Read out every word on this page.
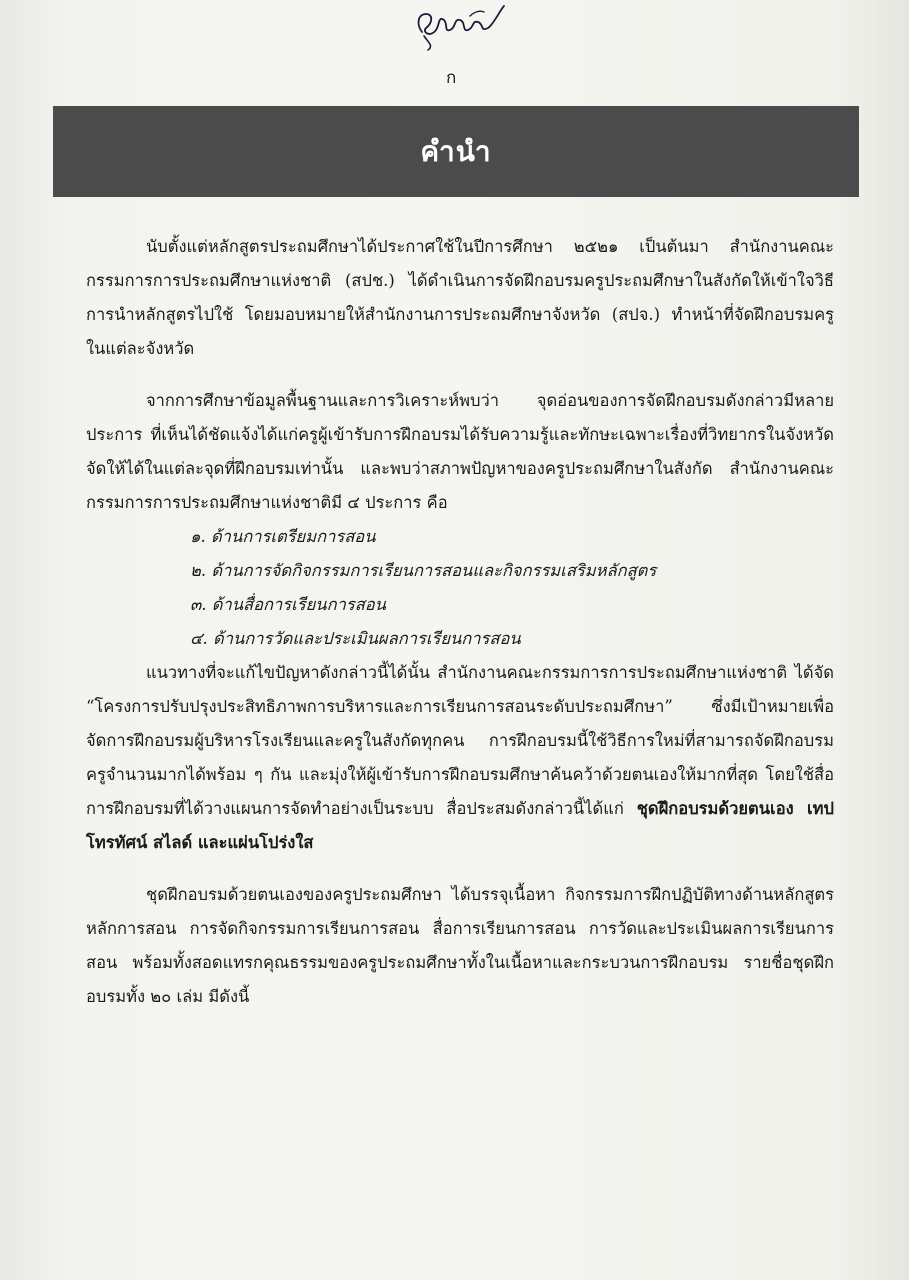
ก
คำนำ

นับตั้งแต่หลักสูตรประถมศึกษาได้ประกาศใช้ในปีการศึกษา ๒๕๒๑ เป็นต้นมา สำนักงานคณะกรรมการการประถมศึกษาแห่งชาติ (สปช.) ได้ดำเนินการจัดฝึกอบรมครูประถมศึกษาในสังกัดให้เข้าใจวิธีการนำหลักสูตรไปใช้ โดยมอบหมายให้สำนักงานการประถมศึกษาจังหวัด (สปจ.) ทำหน้าที่จัดฝึกอบรมครูในแต่ละจังหวัด

จากการศึกษาข้อมูลพื้นฐานและการวิเคราะห์พบว่า จุดอ่อนของการจัดฝึกอบรมดังกล่าวมีหลายประการ ที่เห็นได้ชัดแจ้งได้แก่ครูผู้เข้ารับการฝึกอบรมได้รับความรู้และทักษะเฉพาะเรื่องที่วิทยากรในจังหวัดจัดให้ได้ในแต่ละจุดที่ฝึกอบรมเท่านั้น และพบว่าสภาพปัญหาของครูประถมศึกษาในสังกัด สำนักงานคณะกรรมการการประถมศึกษาแห่งชาติมี ๔ ประการ คือ

๑. ด้านการเตรียมการสอน
๒. ด้านการจัดกิจกรรมการเรียนการสอนและกิจกรรมเสริมหลักสูตร
๓. ด้านสื่อการเรียนการสอน
๔. ด้านการวัดและประเมินผลการเรียนการสอน

แนวทางที่จะแก้ไขปัญหาดังกล่าวนี้ได้นั้น สำนักงานคณะกรรมการการประถมศึกษาแห่งชาติ ได้จัด “โครงการปรับปรุงประสิทธิภาพการบริหารและการเรียนการสอนระดับประถมศึกษา” ซึ่งมีเป้าหมายเพื่อจัดการฝึกอบรมผู้บริหารโรงเรียนและครูในสังกัดทุกคน การฝึกอบรมนี้ใช้วิธีการใหม่ที่สามารถจัดฝึกอบรมครูจำนวนมากได้พร้อม ๆ กัน และมุ่งให้ผู้เข้ารับการฝึกอบรมศึกษาค้นคว้าด้วยตนเองให้มากที่สุด โดยใช้สื่อการฝึกอบรมที่ได้วางแผนการจัดทำอย่างเป็นระบบ สื่อประสมดังกล่าวนี้ได้แก่ ชุดฝึกอบรมด้วยตนเอง เทปโทรทัศน์ สไลด์ และแผ่นโปร่งใส

ชุดฝึกอบรมด้วยตนเองของครูประถมศึกษา ได้บรรจุเนื้อหา กิจกรรมการฝึกปฏิบัติทางด้านหลักสูตร หลักการสอน การจัดกิจกรรมการเรียนการสอน สื่อการเรียนการสอน การวัดและประเมินผลการเรียนการสอน พร้อมทั้งสอดแทรกคุณธรรมของครูประถมศึกษาทั้งในเนื้อหาและกระบวนการฝึกอบรม รายชื่อชุดฝึกอบรมทั้ง ๒๐ เล่ม มีดังนี้
